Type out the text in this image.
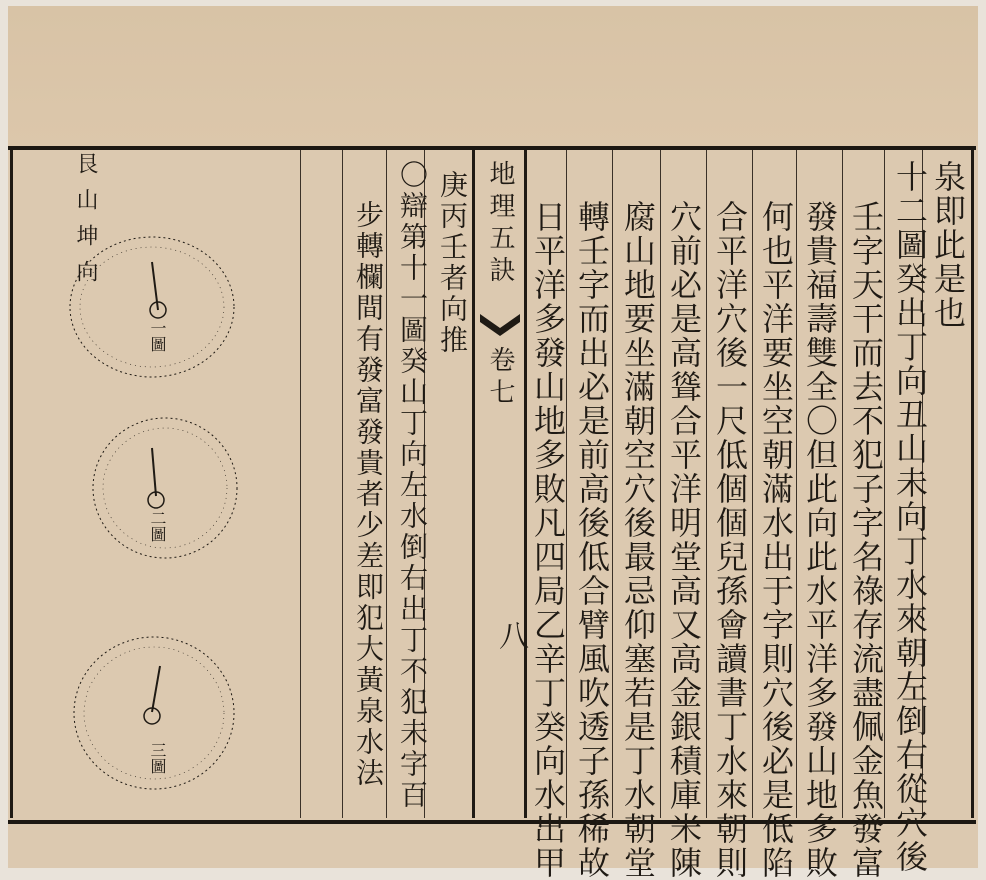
泉即此是也
十二圖癸出丁向丑山未向丁水來朝左倒右從穴後
壬字天干而去不犯子字名祿存流盡佩金魚發富
發貴福壽雙全〇但此向此水平洋多發山地多敗
何也平洋要坐空朝滿水出于字則穴後必是低陷
合平洋穴後一尺低個個兒孫會讀書丁水來朝則
穴前必是高聳合平洋明堂高又高金銀積庫米陳
腐山地要坐滿朝空穴後最忌仰塞若是丁水朝堂
轉壬字而出必是前高後低合臂風吹透子孫稀故
日平洋多發山地多敗凡四局乙辛丁癸向水出甲
地理五訣
卷七
八
庚丙壬者向推
〇辯第十一圖癸山丁向左水倒右出丁不犯未字百
步轉欄間有發富發貴者少差即犯大黃泉水法
艮山坤向
一圖
二圖
三圖
